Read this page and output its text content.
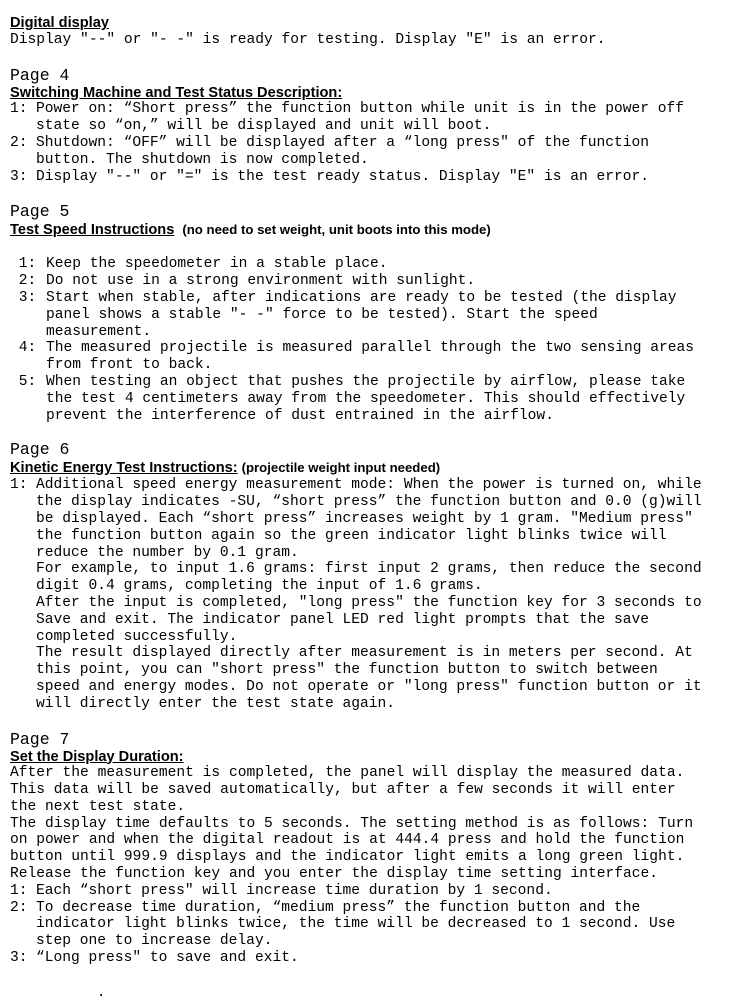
Digital display
Display "--" or "- -" is ready for testing. Display "E" is an error.
Page 4
Switching Machine and Test Status Description:
1: Power on: “Short press” the function button while unit is in the power off
state so “on,” will be displayed and unit will boot.
2: Shutdown: “OFF” will be displayed after a “long press" of the function
button. The shutdown is now completed.
3: Display "--" or "=" is the test ready status. Display "E" is an error.
Page 5
Test Speed Instructions (no need to set weight, unit boots into this mode)
1: Keep the speedometer in a stable place.
2: Do not use in a strong environment with sunlight.
3: Start when stable, after indications are ready to be tested (the display
panel shows a stable "- -" force to be tested). Start the speed
measurement.
4: The measured projectile is measured parallel through the two sensing areas
from front to back.
5: When testing an object that pushes the projectile by airflow, please take
the test 4 centimeters away from the speedometer. This should effectively
prevent the interference of dust entrained in the airflow.
Page 6
Kinetic Energy Test Instructions: (projectile weight input needed)
1: Additional speed energy measurement mode: When the power is turned on, while
the display indicates -SU, “short press” the function button and 0.0 (g)will
be displayed. Each “short press” increases weight by 1 gram. "Medium press"
the function button again so the green indicator light blinks twice will
reduce the number by 0.1 gram.
For example, to input 1.6 grams: first input 2 grams, then reduce the second
digit 0.4 grams, completing the input of 1.6 grams.
After the input is completed, "long press" the function key for 3 seconds to
Save and exit. The indicator panel LED red light prompts that the save
completed successfully.
The result displayed directly after measurement is in meters per second. At
this point, you can "short press" the function button to switch between
speed and energy modes. Do not operate or "long press" function button or it
will directly enter the test state again.
Page 7
Set the Display Duration:
After the measurement is completed, the panel will display the measured data.
This data will be saved automatically, but after a few seconds it will enter
the next test state.
The display time defaults to 5 seconds. The setting method is as follows: Turn
on power and when the digital readout is at 444.4 press and hold the function
button until 999.9 displays and the indicator light emits a long green light.
Release the function key and you enter the display time setting interface.
1: Each “short press" will increase time duration by 1 second.
2: To decrease time duration, “medium press” the function button and the
indicator light blinks twice, the time will be decreased to 1 second. Use
step one to increase delay.
3: “Long press" to save and exit.
.
